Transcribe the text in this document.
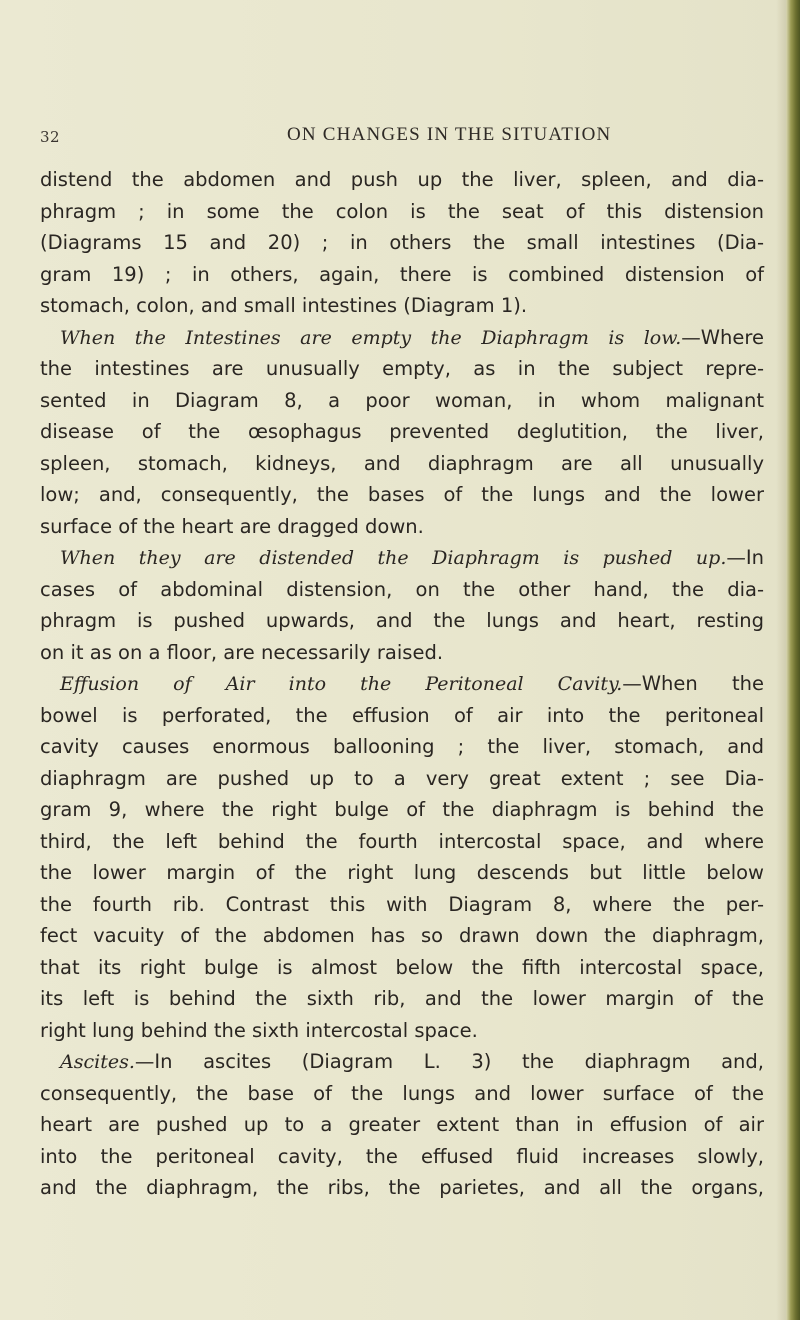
32	ON CHANGES IN THE SITUATION
distend the abdomen and push up the liver, spleen, and dia-
phragm ; in some the colon is the seat of this distension
(Diagrams 15 and 20) ; in others the small intestines (Dia-
gram 19) ; in others, again, there is combined distension of
stomach, colon, and small intestines (Diagram 1).
When the Intestines are empty the Diaphragm is low.—Where
the intestines are unusually empty, as in the subject repre-
sented in Diagram 8, a poor woman, in whom malignant
disease of the œsophagus prevented deglutition, the liver,
spleen, stomach, kidneys, and diaphragm are all unusually
low; and, consequently, the bases of the lungs and the lower
surface of the heart are dragged down.
When they are distended the Diaphragm is pushed up.—In
cases of abdominal distension, on the other hand, the dia-
phragm is pushed upwards, and the lungs and heart, resting
on it as on a floor, are necessarily raised.
Effusion of Air into the Peritoneal Cavity.—When the
bowel is perforated, the effusion of air into the peritoneal
cavity causes enormous ballooning ; the liver, stomach, and
diaphragm are pushed up to a very great extent ; see Dia-
gram 9, where the right bulge of the diaphragm is behind the
third, the left behind the fourth intercostal space, and where
the lower margin of the right lung descends but little below
the fourth rib. Contrast this with Diagram 8, where the per-
fect vacuity of the abdomen has so drawn down the diaphragm,
that its right bulge is almost below the fifth intercostal space,
its left is behind the sixth rib, and the lower margin of the
right lung behind the sixth intercostal space.
Ascites.—In ascites (Diagram L. 3) the diaphragm and,
consequently, the base of the lungs and lower surface of the
heart are pushed up to a greater extent than in effusion of air
into the peritoneal cavity, the effused fluid increases slowly,
and the diaphragm, the ribs, the parietes, and all the organs,
